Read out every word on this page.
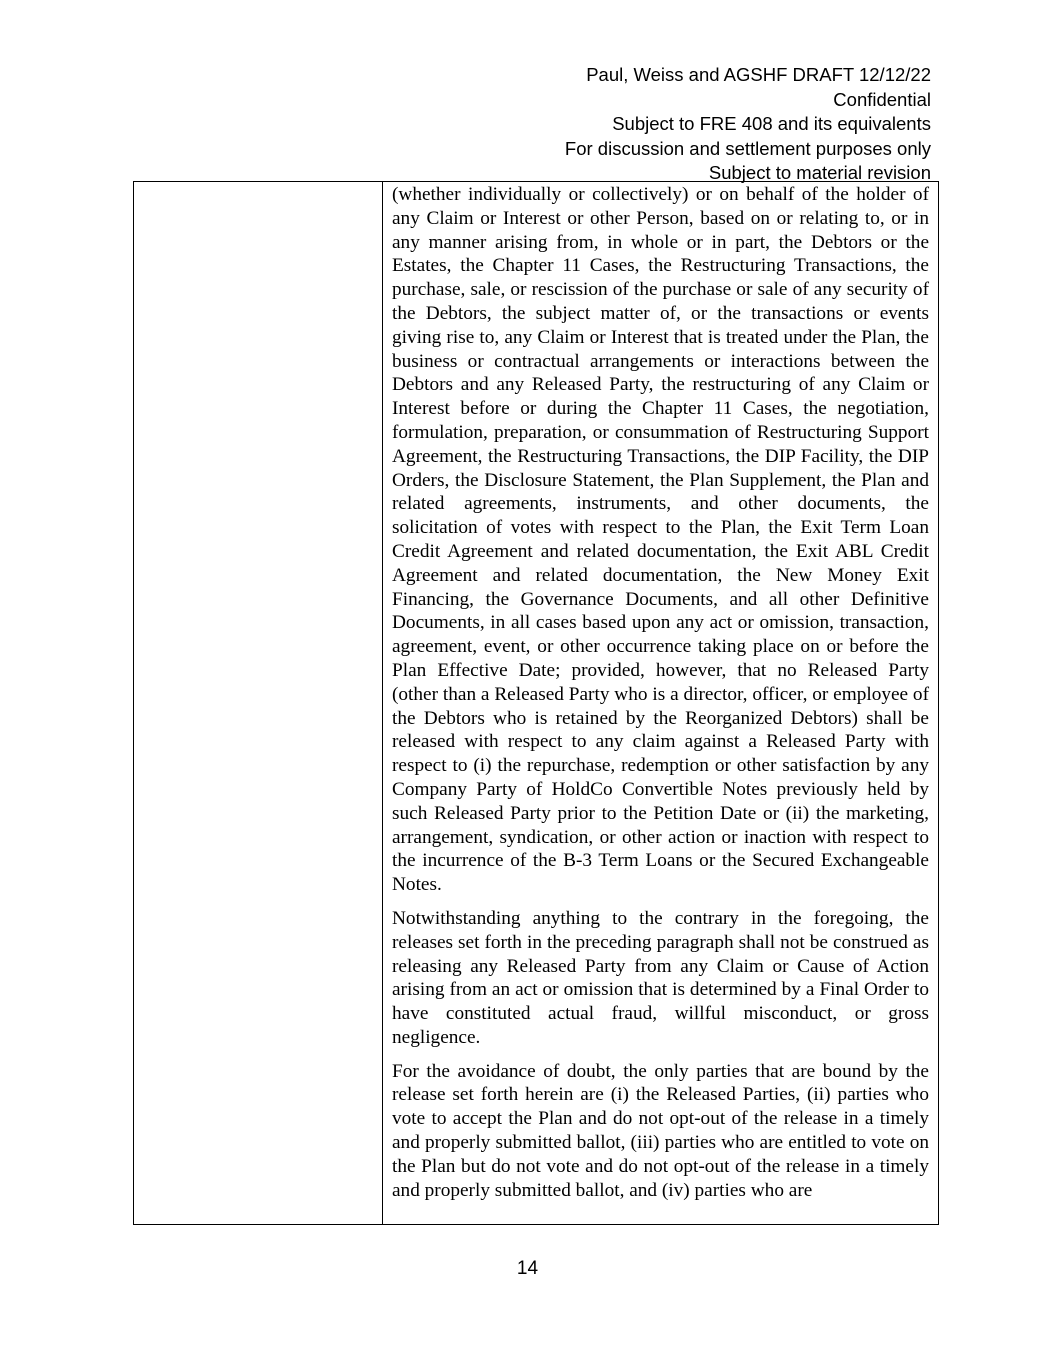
Paul, Weiss and AGSHF DRAFT 12/12/22
Confidential
Subject to FRE 408 and its equivalents
For discussion and settlement purposes only
Subject to material revision

(whether individually or collectively) or on behalf of the holder of any Claim or Interest or other Person, based on or relating to, or in any manner arising from, in whole or in part, the Debtors or the Estates, the Chapter 11 Cases, the Restructuring Transactions, the purchase, sale, or rescission of the purchase or sale of any security of the Debtors, the subject matter of, or the transactions or events giving rise to, any Claim or Interest that is treated under the Plan, the business or contractual arrangements or interactions between the Debtors and any Released Party, the restructuring of any Claim or Interest before or during the Chapter 11 Cases, the negotiation, formulation, preparation, or consummation of Restructuring Support Agreement, the Restructuring Transactions, the DIP Facility, the DIP Orders, the Disclosure Statement, the Plan Supplement, the Plan and related agreements, instruments, and other documents, the solicitation of votes with respect to the Plan, the Exit Term Loan Credit Agreement and related documentation, the Exit ABL Credit Agreement and related documentation, the New Money Exit Financing, the Governance Documents, and all other Definitive Documents, in all cases based upon any act or omission, transaction, agreement, event, or other occurrence taking place on or before the Plan Effective Date; provided, however, that no Released Party (other than a Released Party who is a director, officer, or employee of the Debtors who is retained by the Reorganized Debtors) shall be released with respect to any claim against a Released Party with respect to (i) the repurchase, redemption or other satisfaction by any Company Party of HoldCo Convertible Notes previously held by such Released Party prior to the Petition Date or (ii) the marketing, arrangement, syndication, or other action or inaction with respect to the incurrence of the B-3 Term Loans or the Secured Exchangeable Notes.

Notwithstanding anything to the contrary in the foregoing, the releases set forth in the preceding paragraph shall not be construed as releasing any Released Party from any Claim or Cause of Action arising from an act or omission that is determined by a Final Order to have constituted actual fraud, willful misconduct, or gross negligence.

For the avoidance of doubt, the only parties that are bound by the release set forth herein are (i) the Released Parties, (ii) parties who vote to accept the Plan and do not opt-out of the release in a timely and properly submitted ballot, (iii) parties who are entitled to vote on the Plan but do not vote and do not opt-out of the release in a timely and properly submitted ballot, and (iv) parties who are

14
